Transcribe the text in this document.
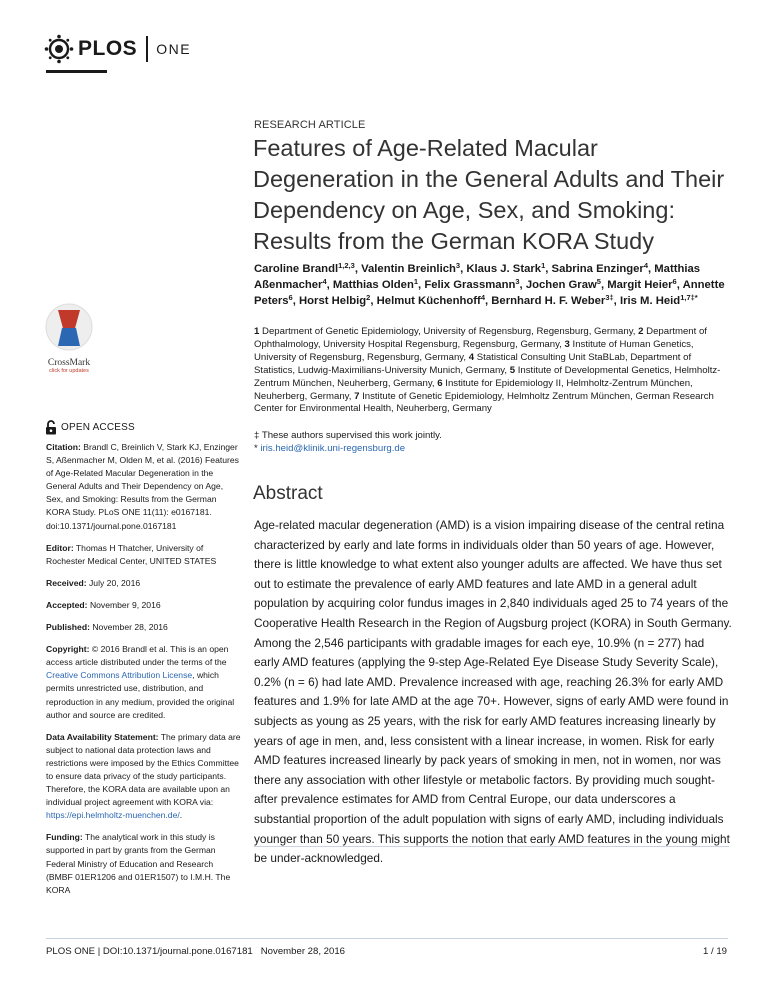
PLOS ONE
CrossMark
click for updates
OPEN ACCESS

Citation: Brandl C, Breinlich V, Stark KJ, Enzinger S, Aßenmacher M, Olden M, et al. (2016) Features of Age-Related Macular Degeneration in the General Adults and Their Dependency on Age, Sex, and Smoking: Results from the German KORA Study. PLoS ONE 11(11): e0167181. doi:10.1371/journal.pone.0167181

Editor: Thomas H Thatcher, University of Rochester Medical Center, UNITED STATES

Received: July 20, 2016

Accepted: November 9, 2016

Published: November 28, 2016

Copyright: © 2016 Brandl et al. This is an open access article distributed under the terms of the Creative Commons Attribution License, which permits unrestricted use, distribution, and reproduction in any medium, provided the original author and source are credited.

Data Availability Statement: The primary data are subject to national data protection laws and restrictions were imposed by the Ethics Committee to ensure data privacy of the study participants. Therefore, the KORA data are available upon an individual project agreement with KORA via: https://epi.helmholtz-muenchen.de/.

Funding: The analytical work in this study is supported in part by grants from the German Federal Ministry of Education and Research (BMBF 01ER1206 and 01ER1507) to I.M.H. The KORA

RESEARCH ARTICLE
Features of Age-Related Macular Degeneration in the General Adults and Their Dependency on Age, Sex, and Smoking: Results from the German KORA Study
Caroline Brandl$^{1,2,3}$, Valentin Breinlich$^3$, Klaus J. Stark$^1$, Sabrina Enzinger$^4$, Matthias Aßenmacher$^4$, Matthias Olden$^1$, Felix Grassmann$^3$, Jochen Graw$^5$, Margit Heier$^6$, Annette Peters$^6$, Horst Helbig$^2$, Helmut Küchenhoff$^4$, Bernhard H. F. Weber$^{3\ddagger}$, Iris M. Heid$^{1,7\ddagger*}$
1 Department of Genetic Epidemiology, University of Regensburg, Regensburg, Germany, 2 Department of Ophthalmology, University Hospital Regensburg, Regensburg, Germany, 3 Institute of Human Genetics, University of Regensburg, Regensburg, Germany, 4 Statistical Consulting Unit StaBLab, Department of Statistics, Ludwig-Maximilians-University Munich, Germany, 5 Institute of Developmental Genetics, Helmholtz-Zentrum München, Neuherberg, Germany, 6 Institute for Epidemiology II, Helmholtz-Zentrum München, Neuherberg, Germany, 7 Institute of Genetic Epidemiology, Helmholtz Zentrum München, German Research Center for Environmental Health, Neuherberg, Germany
‡ These authors supervised this work jointly.
* iris.heid@klinik.uni-regensburg.de
Abstract
Age-related macular degeneration (AMD) is a vision impairing disease of the central retina characterized by early and late forms in individuals older than 50 years of age. However, there is little knowledge to what extent also younger adults are affected. We have thus set out to estimate the prevalence of early AMD features and late AMD in a general adult population by acquiring color fundus images in 2,840 individuals aged 25 to 74 years of the Cooperative Health Research in the Region of Augsburg project (KORA) in South Germany. Among the 2,546 participants with gradable images for each eye, 10.9% (n = 277) had early AMD features (applying the 9-step Age-Related Eye Disease Study Severity Scale), 0.2% (n = 6) had late AMD. Prevalence increased with age, reaching 26.3% for early AMD features and 1.9% for late AMD at the age 70+. However, signs of early AMD were found in subjects as young as 25 years, with the risk for early AMD features increasing linearly by years of age in men, and, less consistent with a linear increase, in women. Risk for early AMD features increased linearly by pack years of smoking in men, not in women, nor was there any association with other lifestyle or metabolic factors. By providing much sought-after prevalence estimates for AMD from Central Europe, our data underscores a substantial proportion of the adult population with signs of early AMD, including individuals younger than 50 years. This supports the notion that early AMD features in the young might be under-acknowledged.
PLOS ONE | DOI:10.1371/journal.pone.0167181   November 28, 2016	1 / 19
